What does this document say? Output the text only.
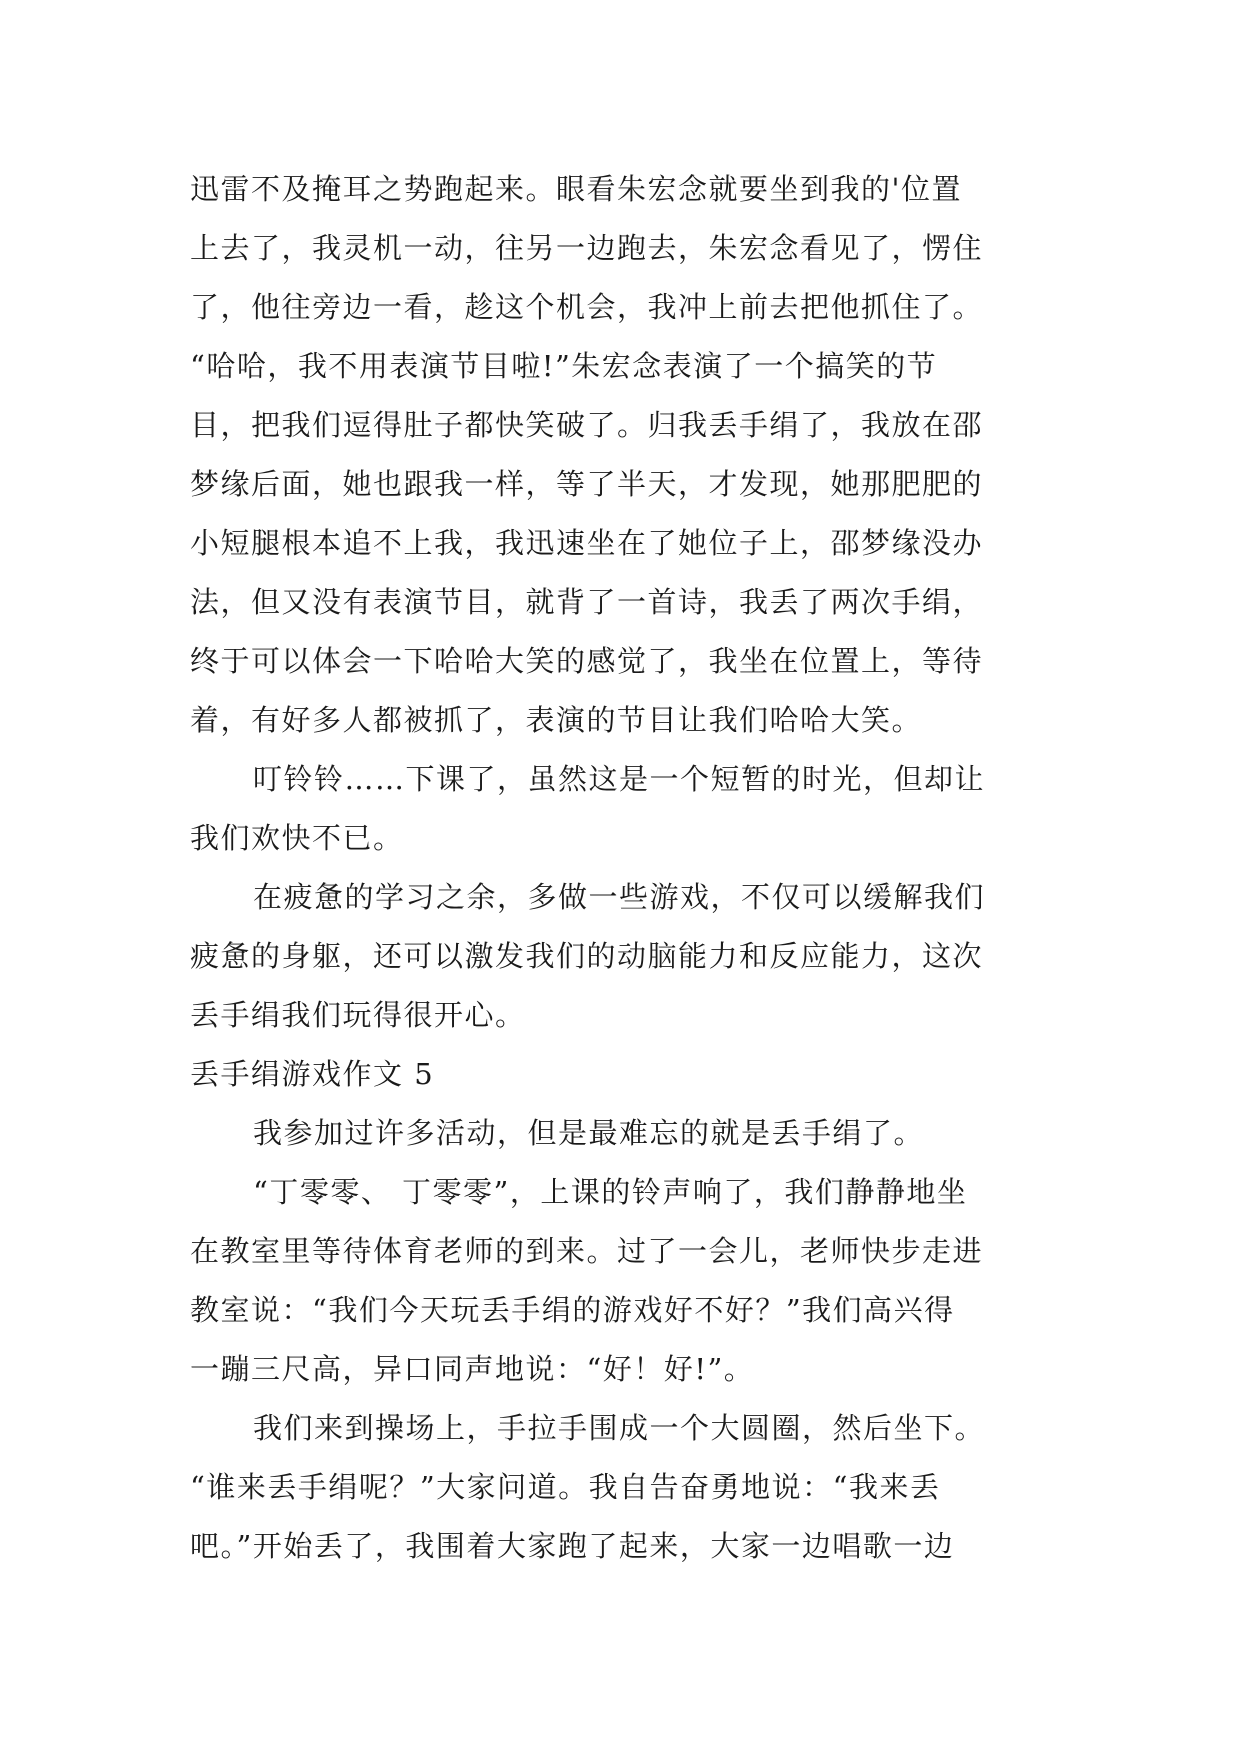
迅雷不及掩耳之势跑起来。眼看朱宏念就要坐到我的'位置
上去了，我灵机一动，往另一边跑去，朱宏念看见了，愣住
了，他往旁边一看，趁这个机会，我冲上前去把他抓住了。
“哈哈，我不用表演节目啦!”朱宏念表演了一个搞笑的节
目，把我们逗得肚子都快笑破了。归我丢手绢了，我放在邵
梦缘后面，她也跟我一样，等了半天，才发现，她那肥肥的
小短腿根本追不上我，我迅速坐在了她位子上，邵梦缘没办
法，但又没有表演节目，就背了一首诗，我丢了两次手绢，
终于可以体会一下哈哈大笑的感觉了，我坐在位置上，等待
着，有好多人都被抓了，表演的节目让我们哈哈大笑。
叮铃铃……下课了，虽然这是一个短暂的时光，但却让
我们欢快不已。
在疲惫的学习之余，多做一些游戏，不仅可以缓解我们
疲惫的身躯，还可以激发我们的动脑能力和反应能力，这次
丢手绢我们玩得很开心。
丢手绢游戏作文 5
我参加过许多活动，但是最难忘的就是丢手绢了。
“丁零零、 丁零零”，上课的铃声响了，我们静静地坐
在教室里等待体育老师的到来。过了一会儿，老师快步走进
教室说：“我们今天玩丢手绢的游戏好不好？”我们高兴得
一蹦三尺高，异口同声地说：“好！好!”。
我们来到操场上，手拉手围成一个大圆圈，然后坐下。
“谁来丢手绢呢？”大家问道。我自告奋勇地说：“我来丢
吧。”开始丢了，我围着大家跑了起来，大家一边唱歌一边
